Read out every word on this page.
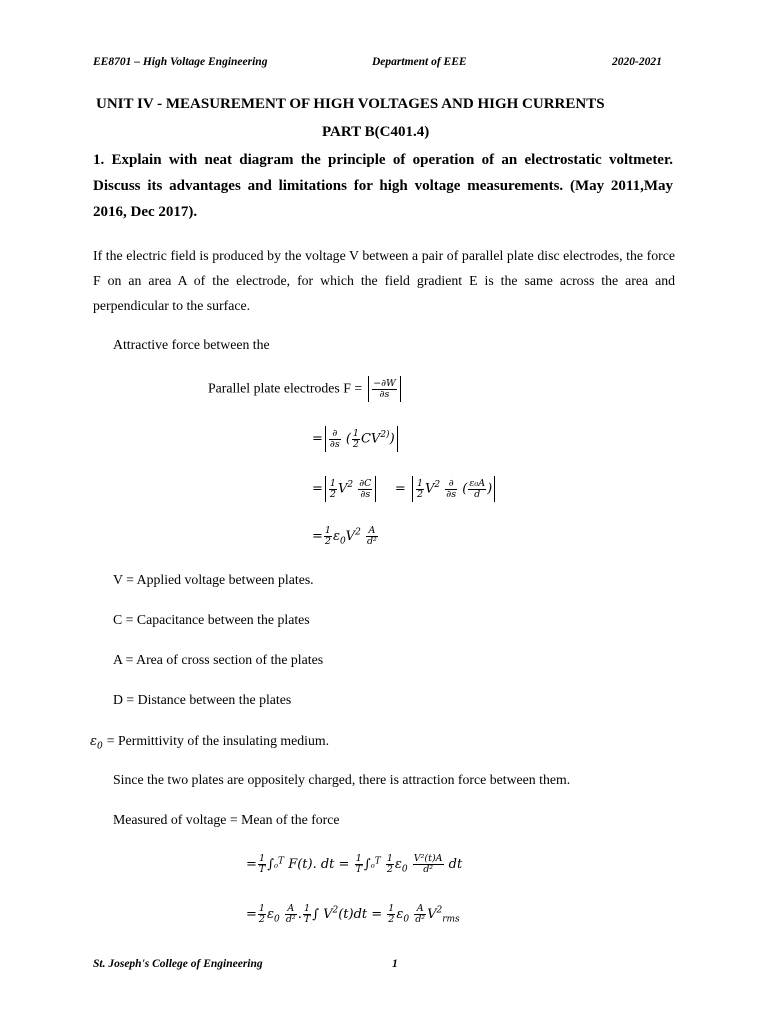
EE8701 – High Voltage Engineering	Department of EEE	2020-2021
UNIT IV - MEASUREMENT OF HIGH VOLTAGES AND HIGH CURRENTS
PART B(C401.4)
1. Explain with neat diagram the principle of operation of an electrostatic voltmeter. Discuss its advantages and limitations for high voltage measurements. (May 2011,May 2016, Dec 2017).
If the electric field is produced by the voltage V between a pair of parallel plate disc electrodes, the force F on an area A of the electrode, for which the field gradient E is the same across the area and perpendicular to the surface.
Attractive force between the
Parallel plate electrodes $F = \frac{-\partial W}{\partial s}$
= $\frac{\partial}{\partial s}$ ( $\frac{1}{2} CV^{2)}$)
= $\frac{1}{2} V^2 \frac{\partial C}{\partial s} = \frac{1}{2} V^2 \frac{\partial}{\partial s}$ ( $\frac{\text{ε₀A}}{d}$ )
= $\frac{1}{2} \varepsilon_0V^2 \frac{A}{\text{d²}}$
V = Applied voltage between plates.
C = Capacitance between the plates
A = Area of cross section of the plates
D = Distance between the plates
$\varepsilon_0$ = Permittivity of the insulating medium.
Since the two plates are oppositely charged, there is attraction force between them.
Measured of voltage = Mean of the force
= $\frac{1}{T} \int_0^T$ F(t). dt = $\frac{1}{T} \int_0^T \frac{1}{2} \varepsilon_0 \frac{\text{V²(t)A}}{\text{d²}}$ dt
= $\frac{1}{2} \varepsilon_0 \frac{A}{\text{d²}}$ . $\frac{1}{T}$ ∫ $V^2(t)dt = \frac{1}{2} \varepsilon_0 \frac{A}{\text{d²}} V^2_{rms}$
St. Joseph's College of Engineering	1
